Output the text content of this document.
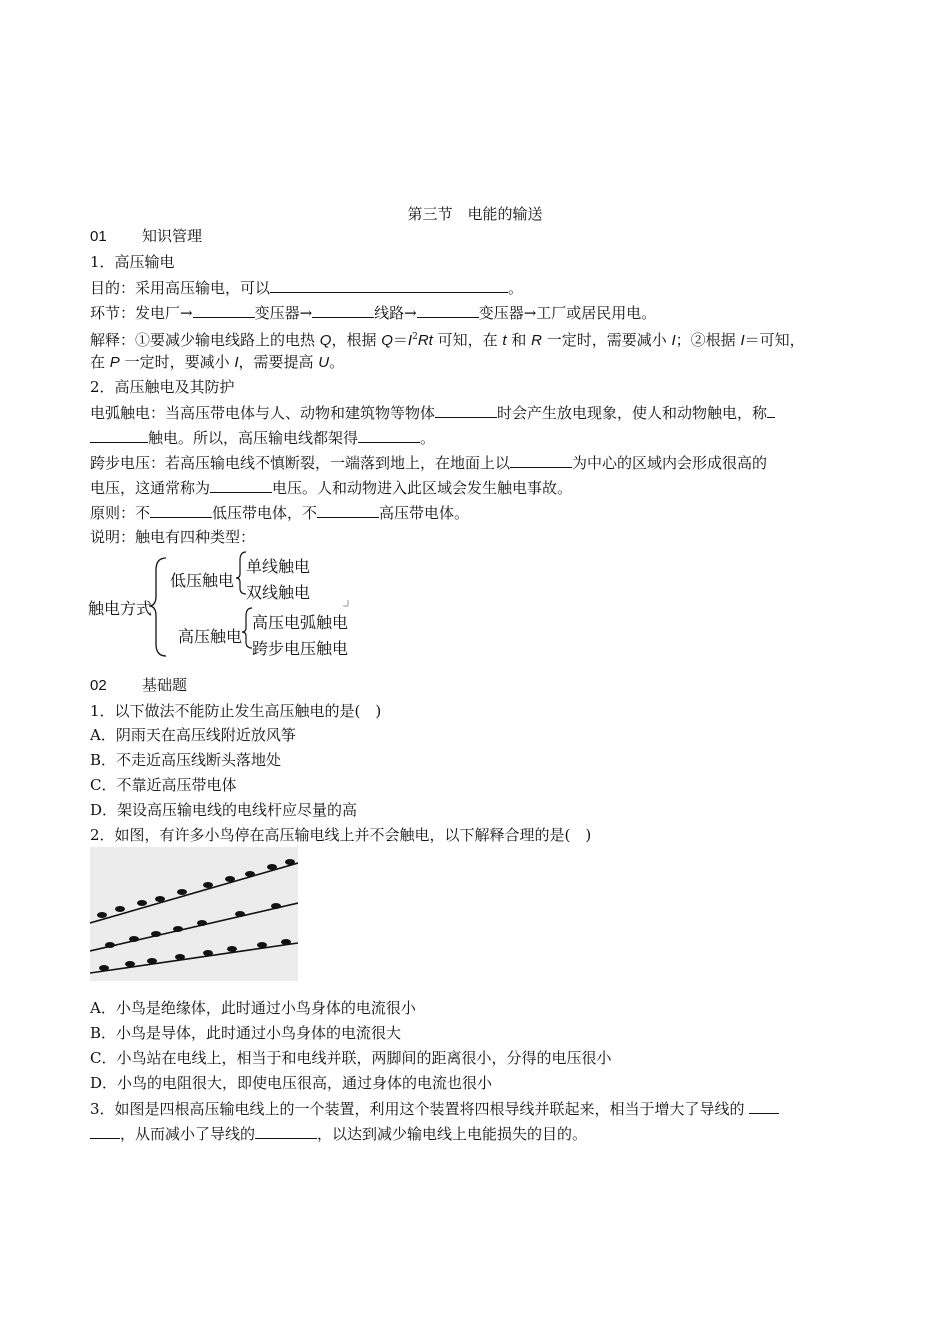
第三节　电能的输送
01 知识管理
1．高压输电
目的：采用高压输电，可以	。
环节：发电厂→	变压器→	线路→	变压器→工厂或居民用电。
解释：①要减少输电线路上的电热 Q，根据 $Q=I^2Rt$ 可知，在 t 和 R 一定时，需要减小 I；②根据 I＝可知，
在 P 一定时，要减小 I，需要提高 U。
2．高压触电及其防护
电弧触电：当高压带电体与人、动物和建筑物等物体	时会产生放电现象，使人和动物触电，称
触电。所以，高压输电线都架得	。
跨步电压：若高压输电线不慎断裂，一端落到地上，在地面上以	为中心的区域内会形成很高的
电压，这通常称为	电压。人和动物进入此区域会发生触电事故。
原则：不	低压带电体，不	高压带电体。
说明：触电有四种类型：
触电方式
低压触电
单线触电
双线触电
高压触电
高压电弧触电
跨步电压触电
02 基础题
1．以下做法不能防止发生高压触电的是(　)
A．阴雨天在高压线附近放风筝
B．不走近高压线断头落地处
C．不靠近高压带电体
D．架设高压输电线的电线杆应尽量的高
2．如图，有许多小鸟停在高压输电线上并不会触电，以下解释合理的是(　)
A．小鸟是绝缘体，此时通过小鸟身体的电流很小
B．小鸟是导体，此时通过小鸟身体的电流很大
C．小鸟站在电线上，相当于和电线并联，两脚间的距离很小，分得的电压很小
D．小鸟的电阻很大，即使电压很高，通过身体的电流也很小
3．如图是四根高压输电线上的一个装置，利用这个装置将四根导线并联起来，相当于增大了导线的
，从而减小了导线的	，以达到减少输电线上电能损失的目的。
